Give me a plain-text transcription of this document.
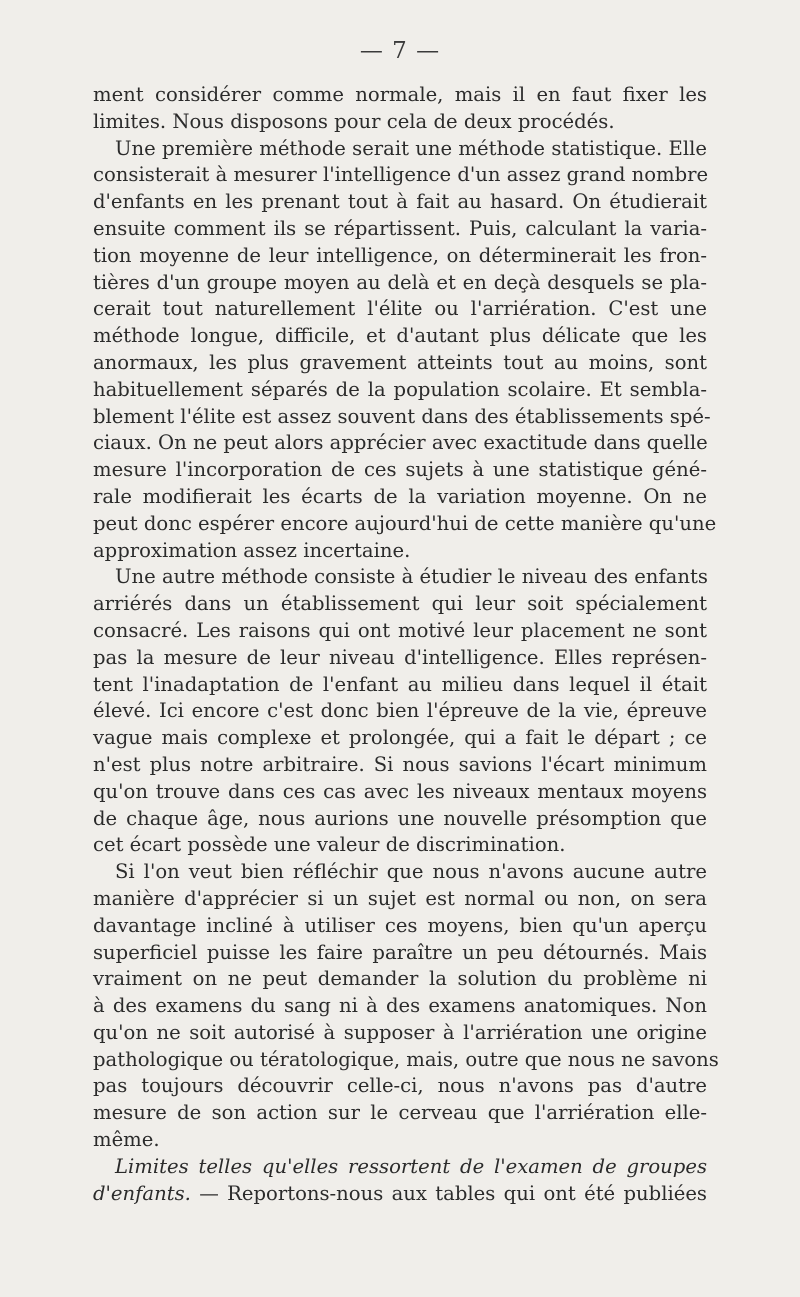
— 7 —
ment considérer comme normale, mais il en faut fixer les
limites. Nous disposons pour cela de deux procédés.
Une première méthode serait une méthode statistique. Elle
consisterait à mesurer l'intelligence d'un assez grand nombre
d'enfants en les prenant tout à fait au hasard. On étudierait
ensuite comment ils se répartissent. Puis, calculant la varia-
tion moyenne de leur intelligence, on déterminerait les fron-
tières d'un groupe moyen au delà et en deçà desquels se pla-
cerait tout naturellement l'élite ou l'arriération. C'est une
méthode longue, difficile, et d'autant plus délicate que les
anormaux, les plus gravement atteints tout au moins, sont
habituellement séparés de la population scolaire. Et sembla-
blement l'élite est assez souvent dans des établissements spé-
ciaux. On ne peut alors apprécier avec exactitude dans quelle
mesure l'incorporation de ces sujets à une statistique géné-
rale modifierait les écarts de la variation moyenne. On ne
peut donc espérer encore aujourd'hui de cette manière qu'une
approximation assez incertaine.
Une autre méthode consiste à étudier le niveau des enfants
arriérés dans un établissement qui leur soit spécialement
consacré. Les raisons qui ont motivé leur placement ne sont
pas la mesure de leur niveau d'intelligence. Elles représen-
tent l'inadaptation de l'enfant au milieu dans lequel il était
élevé. Ici encore c'est donc bien l'épreuve de la vie, épreuve
vague mais complexe et prolongée, qui a fait le départ ; ce
n'est plus notre arbitraire. Si nous savions l'écart minimum
qu'on trouve dans ces cas avec les niveaux mentaux moyens
de chaque âge, nous aurions une nouvelle présomption que
cet écart possède une valeur de discrimination.
Si l'on veut bien réfléchir que nous n'avons aucune autre
manière d'apprécier si un sujet est normal ou non, on sera
davantage incliné à utiliser ces moyens, bien qu'un aperçu
superficiel puisse les faire paraître un peu détournés. Mais
vraiment on ne peut demander la solution du problème ni
à des examens du sang ni à des examens anatomiques. Non
qu'on ne soit autorisé à supposer à l'arriération une origine
pathologique ou tératologique, mais, outre que nous ne savons
pas toujours découvrir celle-ci, nous n'avons pas d'autre
mesure de son action sur le cerveau que l'arriération elle-
même.
Limites telles qu'elles ressortent de l'examen de groupes
d'enfants. — Reportons-nous aux tables qui ont été publiées
